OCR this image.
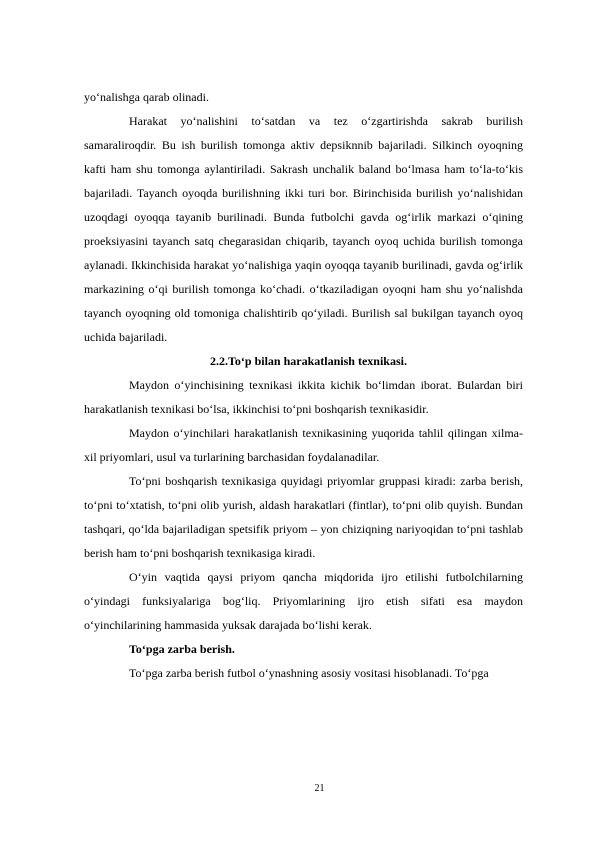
yo‘nalishga qarab olinadi.

Harakat yo‘nalishini to‘satdan va tez o‘zgartirishda sakrab burilish samaraliroqdir. Bu ish burilish tomonga aktiv depsiknnib bajariladi. Silkinch oyoqning kafti ham shu tomonga aylantiriladi. Sakrash unchalik baland bo‘lmasa ham to‘la-to‘kis bajariladi. Tayanch oyoqda burilishning ikki turi bor. Birinchisida burilish yo‘nalishidan uzoqdagi oyoqqa tayanib burilinadi. Bunda futbolchi gavda og‘irlik markazi o‘qining proeksiyasini tayanch satq chegarasidan chiqarib, tayanch oyoq uchida burilish tomonga aylanadi. Ikkinchisida harakat yo‘nalishiga yaqin oyoqqa tayanib burilinadi, gavda og‘irlik markazining o‘qi burilish tomonga ko‘chadi. o‘tkaziladigan oyoqni ham shu yo‘nalishda tayanch oyoqning old tomoniga chalishtirib qo‘yiladi. Burilish sal bukilgan tayanch oyoq uchida bajariladi.

2.2.To‘p bilan harakatlanish texnikasi.

Maydon o‘yinchisining texnikasi ikkita kichik bo‘limdan iborat. Bulardan biri harakatlanish texnikasi bo‘lsa, ikkinchisi to‘pni boshqarish texnikasidir.

Maydon o‘yinchilari harakatlanish texnikasining yuqorida tahlil qilingan xilma-xil priyomlari, usul va turlarining barchasidan foydalanadilar.

To‘pni boshqarish texnikasiga quyidagi priyomlar gruppasi kiradi: zarba berish, to‘pni to‘xtatish, to‘pni olib yurish, aldash harakatlari (fintlar), to‘pni olib quyish. Bundan tashqari, qo‘lda bajariladigan spetsifik priyom – yon chiziqning nariyoqidan to‘pni tashlab berish ham to‘pni boshqarish texnikasiga kiradi.

O‘yin vaqtida qaysi priyom qancha miqdorida ijro etilishi futbolchilarning o‘yindagi funksiyalariga bog‘liq. Priyomlarining ijro etish sifati esa maydon o‘yinchilarining hammasida yuksak darajada bo‘lishi kerak.

To‘pga zarba berish.

To‘pga zarba berish futbol o‘ynashning asosiy vositasi hisoblanadi. To‘pga

21
